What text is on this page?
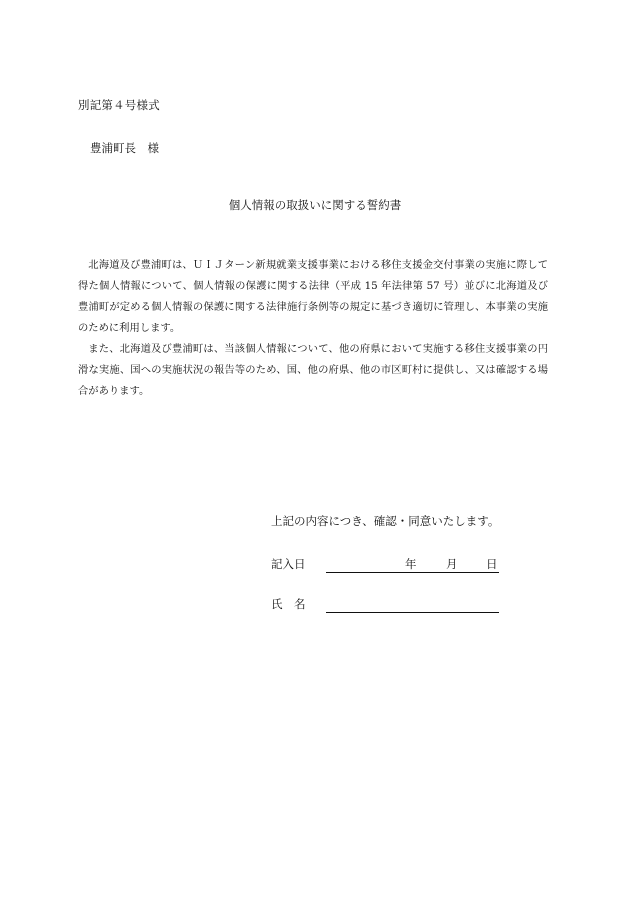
別記第４号様式
豊浦町長　様
個人情報の取扱いに関する誓約書

北海道及び豊浦町は、ＵＩＪターン新規就業支援事業における移住支援金交付事業の実施に際して得た個人情報について、個人情報の保護に関する法律（平成 15 年法律第 57 号）並びに北海道及び豊浦町が定める個人情報の保護に関する法律施行条例等の規定に基づき適切に管理し、本事業の実施のために利用します。

また、北海道及び豊浦町は、当該個人情報について、他の府県において実施する移住支援事業の円滑な実施、国への実施状況の報告等のため、国、他の府県、他の市区町村に提供し、又は確認する場合があります。

上記の内容につき、確認・同意いたします。
記入日	年	月 日
氏　名
